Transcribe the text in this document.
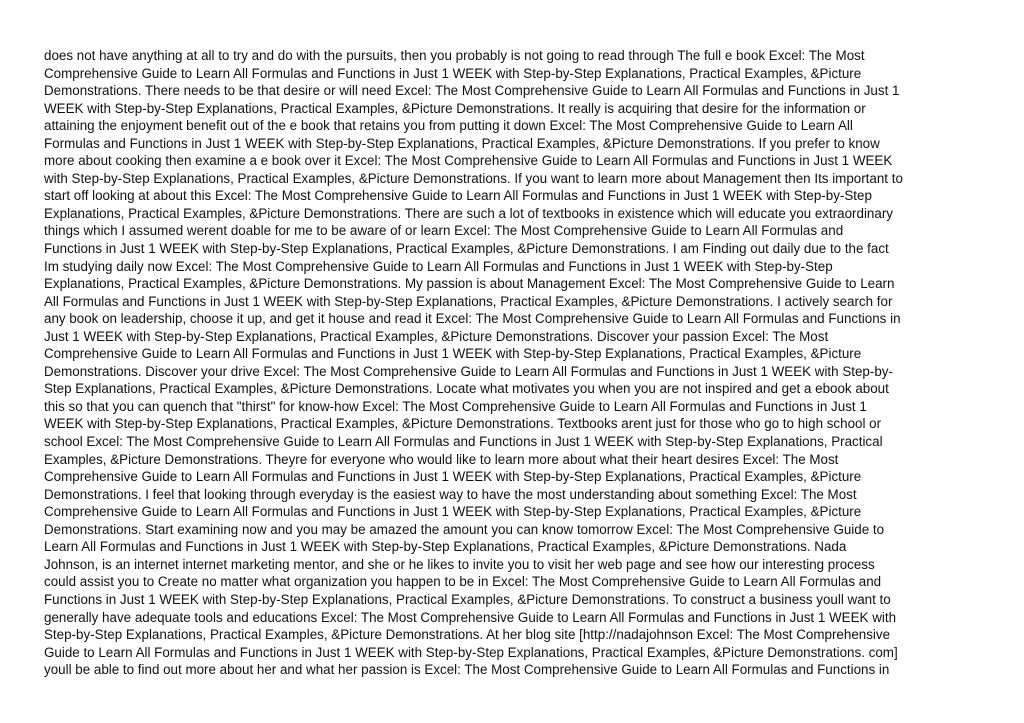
does not have anything at all to try and do with the pursuits, then you probably is not going to read through The full e book Excel: The Most
Comprehensive Guide to Learn All Formulas and Functions in Just 1 WEEK with Step-by-Step Explanations, Practical Examples, &Picture
Demonstrations. There needs to be that desire or will need Excel: The Most Comprehensive Guide to Learn All Formulas and Functions in Just 1
WEEK with Step-by-Step Explanations, Practical Examples, &Picture Demonstrations. It really is acquiring that desire for the information or
attaining the enjoyment benefit out of the e book that retains you from putting it down Excel: The Most Comprehensive Guide to Learn All
Formulas and Functions in Just 1 WEEK with Step-by-Step Explanations, Practical Examples, &Picture Demonstrations. If you prefer to know
more about cooking then examine a e book over it Excel: The Most Comprehensive Guide to Learn All Formulas and Functions in Just 1 WEEK
with Step-by-Step Explanations, Practical Examples, &Picture Demonstrations. If you want to learn more about Management then Its important to
start off looking at about this Excel: The Most Comprehensive Guide to Learn All Formulas and Functions in Just 1 WEEK with Step-by-Step
Explanations, Practical Examples, &Picture Demonstrations. There are such a lot of textbooks in existence which will educate you extraordinary
things which I assumed werent doable for me to be aware of or learn Excel: The Most Comprehensive Guide to Learn All Formulas and
Functions in Just 1 WEEK with Step-by-Step Explanations, Practical Examples, &Picture Demonstrations. I am Finding out daily due to the fact
Im studying daily now Excel: The Most Comprehensive Guide to Learn All Formulas and Functions in Just 1 WEEK with Step-by-Step
Explanations, Practical Examples, &Picture Demonstrations. My passion is about Management Excel: The Most Comprehensive Guide to Learn
All Formulas and Functions in Just 1 WEEK with Step-by-Step Explanations, Practical Examples, &Picture Demonstrations. I actively search for
any book on leadership, choose it up, and get it house and read it Excel: The Most Comprehensive Guide to Learn All Formulas and Functions in
Just 1 WEEK with Step-by-Step Explanations, Practical Examples, &Picture Demonstrations. Discover your passion Excel: The Most
Comprehensive Guide to Learn All Formulas and Functions in Just 1 WEEK with Step-by-Step Explanations, Practical Examples, &Picture
Demonstrations. Discover your drive Excel: The Most Comprehensive Guide to Learn All Formulas and Functions in Just 1 WEEK with Step-by-
Step Explanations, Practical Examples, &Picture Demonstrations. Locate what motivates you when you are not inspired and get a ebook about
this so that you can quench that "thirst" for know-how Excel: The Most Comprehensive Guide to Learn All Formulas and Functions in Just 1
WEEK with Step-by-Step Explanations, Practical Examples, &Picture Demonstrations. Textbooks arent just for those who go to high school or
school Excel: The Most Comprehensive Guide to Learn All Formulas and Functions in Just 1 WEEK with Step-by-Step Explanations, Practical
Examples, &Picture Demonstrations. Theyre for everyone who would like to learn more about what their heart desires Excel: The Most
Comprehensive Guide to Learn All Formulas and Functions in Just 1 WEEK with Step-by-Step Explanations, Practical Examples, &Picture
Demonstrations. I feel that looking through everyday is the easiest way to have the most understanding about something Excel: The Most
Comprehensive Guide to Learn All Formulas and Functions in Just 1 WEEK with Step-by-Step Explanations, Practical Examples, &Picture
Demonstrations. Start examining now and you may be amazed the amount you can know tomorrow Excel: The Most Comprehensive Guide to
Learn All Formulas and Functions in Just 1 WEEK with Step-by-Step Explanations, Practical Examples, &Picture Demonstrations. Nada
Johnson, is an internet internet marketing mentor, and she or he likes to invite you to visit her web page and see how our interesting process
could assist you to Create no matter what organization you happen to be in Excel: The Most Comprehensive Guide to Learn All Formulas and
Functions in Just 1 WEEK with Step-by-Step Explanations, Practical Examples, &Picture Demonstrations. To construct a business youll want to
generally have adequate tools and educations Excel: The Most Comprehensive Guide to Learn All Formulas and Functions in Just 1 WEEK with
Step-by-Step Explanations, Practical Examples, &Picture Demonstrations. At her blog site [http://nadajohnson Excel: The Most Comprehensive
Guide to Learn All Formulas and Functions in Just 1 WEEK with Step-by-Step Explanations, Practical Examples, &Picture Demonstrations. com]
youll be able to find out more about her and what her passion is Excel: The Most Comprehensive Guide to Learn All Formulas and Functions in
